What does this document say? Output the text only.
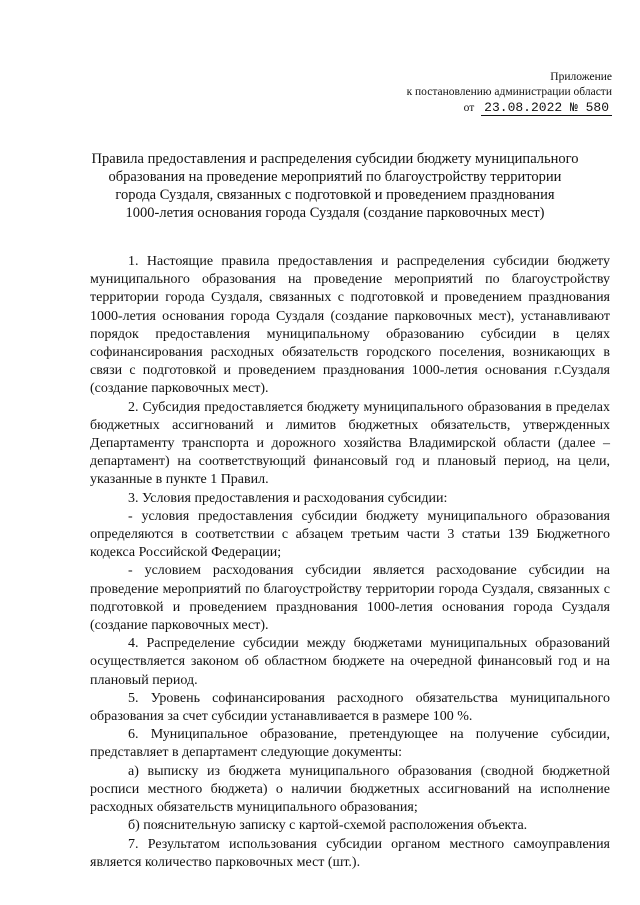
Приложение
к постановлению администрации области
от 23.08.2022 № 580
Правила предоставления и распределения субсидии бюджету муниципального
образования на проведение мероприятий по благоустройству территории
города Суздаля, связанных с подготовкой и проведением празднования
1000-летия основания города Суздаля (создание парковочных мест)

1. Настоящие правила предоставления и распределения субсидии бюджету муниципального образования на проведение мероприятий по благоустройству территории города Суздаля, связанных с подготовкой и проведением празднования 1000-летия основания города Суздаля (создание парковочных мест), устанавливают порядок предоставления муниципальному образованию субсидии в целях софинансирования расходных обязательств городского поселения, возникающих в связи с подготовкой и проведением празднования 1000-летия основания г.Суздаля (создание парковочных мест).

2. Субсидия предоставляется бюджету муниципального образования в пределах бюджетных ассигнований и лимитов бюджетных обязательств, утвержденных Департаменту транспорта и дорожного хозяйства Владимирской области (далее – департамент) на соответствующий финансовый год и плановый период, на цели, указанные в пункте 1 Правил.

3. Условия предоставления и расходования субсидии:

- условия предоставления субсидии бюджету муниципального образования определяются в соответствии с абзацем третьим части 3 статьи 139 Бюджетного кодекса Российской Федерации;

- условием расходования субсидии является расходование субсидии на проведение мероприятий по благоустройству территории города Суздаля, связанных с подготовкой и проведением празднования 1000-летия основания города Суздаля (создание парковочных мест).

4. Распределение субсидии между бюджетами муниципальных образований осуществляется законом об областном бюджете на очередной финансовый год и на плановый период.

5. Уровень софинансирования расходного обязательства муниципального образования за счет субсидии устанавливается в размере 100 %.

6. Муниципальное образование, претендующее на получение субсидии, представляет в департамент следующие документы:

а) выписку из бюджета муниципального образования (сводной бюджетной росписи местного бюджета) о наличии бюджетных ассигнований на исполнение расходных обязательств муниципального образования;

б) пояснительную записку с картой-схемой расположения объекта.

7. Результатом использования субсидии органом местного самоуправления является количество парковочных мест (шт.).
